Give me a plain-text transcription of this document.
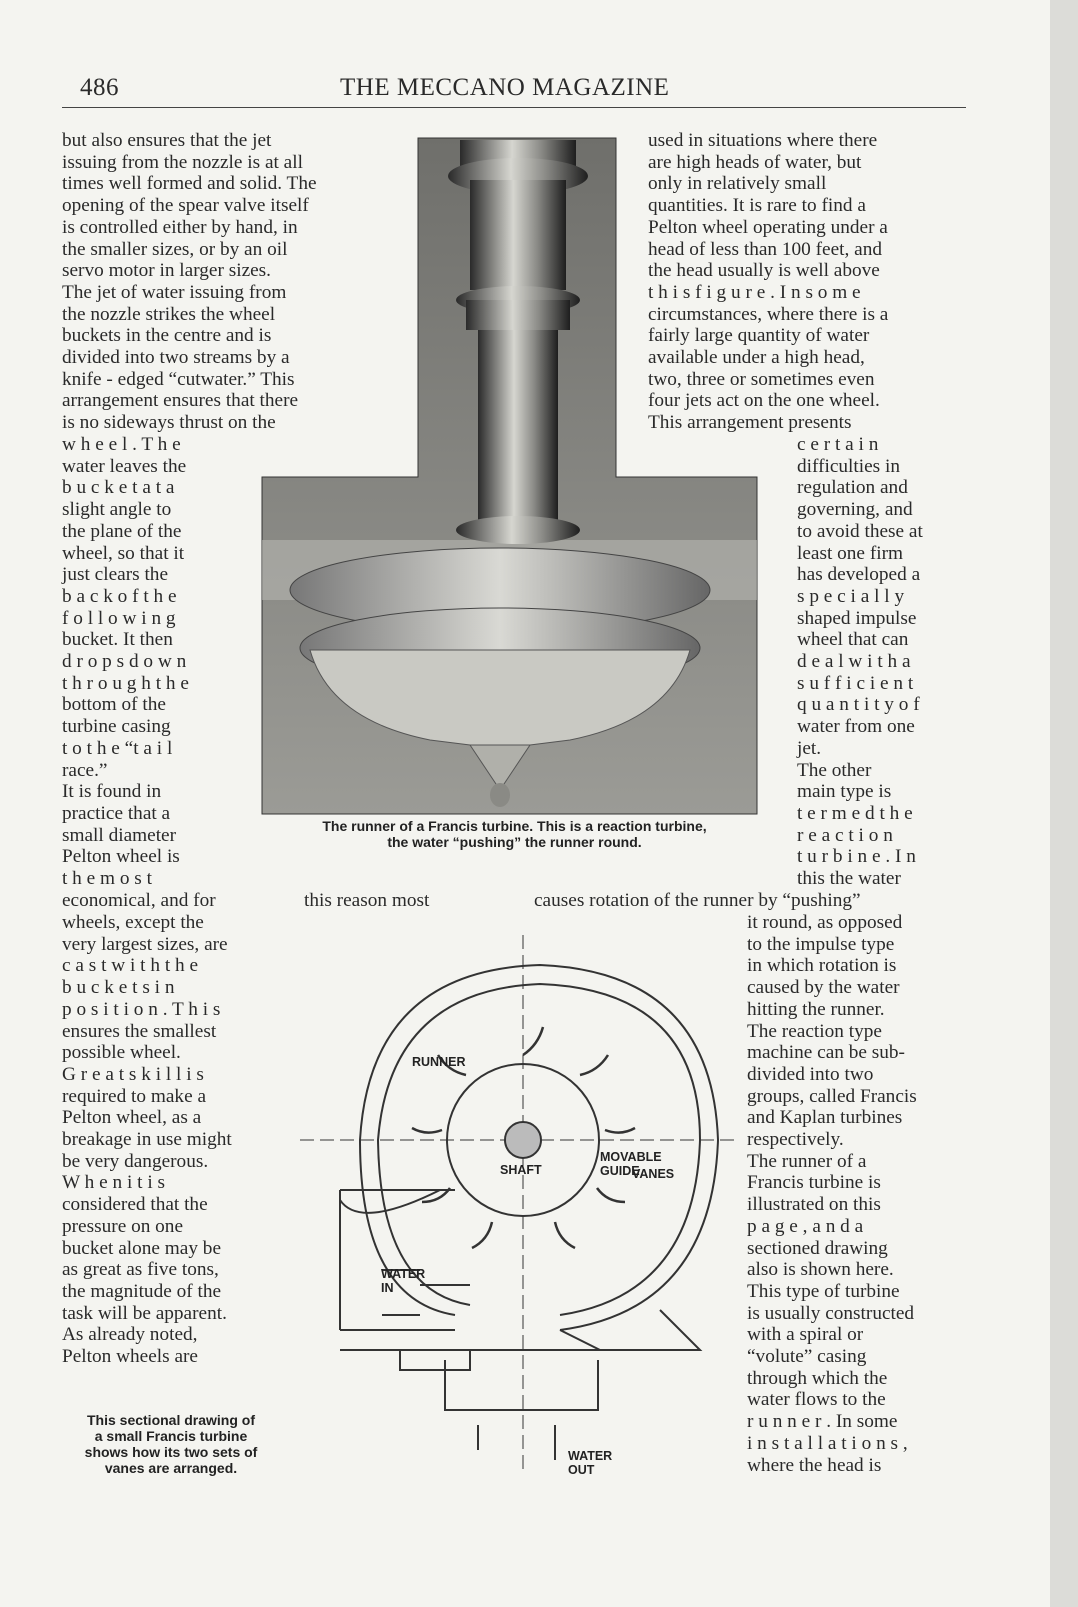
486	THE MECCANO MAGAZINE
but also ensures that the jet
issuing from the nozzle is at all
times well formed and solid. The
opening of the spear valve itself
is controlled either by hand, in
the smaller sizes, or by an oil
servo motor in larger sizes.
The jet of water issuing from
the nozzle strikes the wheel
buckets in the centre and is
divided into two streams by a
knife - edged “cutwater.” This
arrangement ensures that there
is no sideways thrust on the
w h e e l . T h e
water leaves the
b u c k e t a t a
slight angle to
the plane of the
wheel, so that it
just clears the
b a c k o f t h e
f o l l o w i n g
bucket. It then
d r o p s d o w n
t h r o u g h t h e
bottom of the
turbine casing
t o t h e “t a i l
race.”
It is found in
practice that a
small diameter
Pelton wheel is
t h e m o s t
economical, and for	this reason most	causes rotation of the runner by “pushing”
wheels, except the
very largest sizes, are
c a s t w i t h t h e
b u c k e t s i n
p o s i t i o n . T h i s
ensures the smallest
possible wheel.
G r e a t s k i l l i s
required to make a
Pelton wheel, as a
breakage in use might
be very dangerous.
W h e n i t i s
considered that the
pressure on one
bucket alone may be
as great as five tons,
the magnitude of the
task will be apparent.
As already noted,
Pelton wheels are
used in situations where there
are high heads of water, but
only in relatively small
quantities. It is rare to find a
Pelton wheel operating under a
head of less than 100 feet, and
the head usually is well above
t h i s f i g u r e . I n s o m e
circumstances, where there is a
fairly large quantity of water
available under a high head,
two, three or sometimes even
four jets act on the one wheel.
This arrangement presents
c e r t a i n
difficulties in
regulation and
governing, and
to avoid these at
least one firm
has developed a
s p e c i a l l y
shaped impulse
wheel that can
d e a l w i t h a
s u f f i c i e n t
q u a n t i t y o f
water from one
jet.
The other
main type is
t e r m e d t h e
r e a c t i o n
t u r b i n e . I n
this the water
it round, as opposed
to the impulse type
in which rotation is
caused by the water
hitting the runner.
The reaction type
machine can be sub-
divided into two
groups, called Francis
and Kaplan turbines
respectively.
The runner of a
Francis turbine is
illustrated on this
p a g e , a n d a
sectioned drawing
also is shown here.
This type of turbine
is usually constructed
with a spiral or
“volute” casing
through which the
water flows to the
r u n n e r . In some
i n s t a l l a t i o n s ,
where the head is
The runner of a Francis turbine. This is a reaction turbine,
the water “pushing” the runner round.
RUNNER
SHAFT
MOVABLE GUIDE
VANES
WATER IN
WATER OUT
This sectional drawing of
a small Francis turbine
shows how its two sets of
vanes are arranged.
